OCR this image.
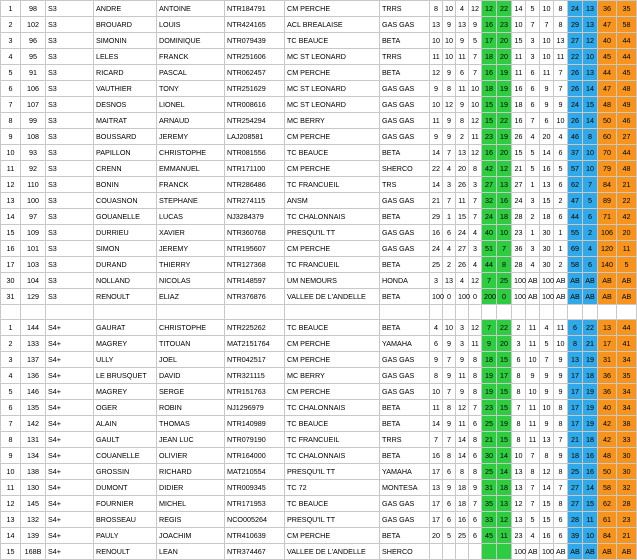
1	98	S3	ANDRE	ANTOINE	NTR184791	CM PERCHE	TRRS	8	10	4	12	12	22	14	5	10	8	24	13	36	35
2	102	S3	BROUARD	LOUIS	NTR424165	ACL BREALAISE	GAS GAS	13	9	13	9	16	23	10	7	7	8	29	13	47	58
3	96	S3	SIMONIN	DOMINIQUE	NTR079439	TC BEAUCE	BETA	10	10	9	5	17	20	15	3	10	13	27	12	40	44
4	95	S3	LELES	FRANCK	NTR251606	MC ST LEONARD	TRRS	11	10	11	7	18	20	11	3	10	11	22	10	45	44
5	91	S3	RICARD	PASCAL	NTR062457	CM PERCHE	BETA	12	9	6	7	16	19	11	6	11	7	26	13	44	45
6	106	S3	VAUTHIER	TONY	NTR251629	MC ST LEONARD	GAS GAS	9	8	11	10	18	19	16	6	9	7	26	14	47	48
7	107	S3	DESNOS	LIONEL	NTR008616	MC ST LEONARD	GAS GAS	10	12	9	10	15	19	18	6	9	9	24	15	48	49
8	99	S3	MAITRAT	ARNAUD	NTR254294	MC BERRY	GAS GAS	11	9	8	12	15	22	16	7	6	10	26	14	50	46
9	108	S3	BOUSSARD	JEREMY	LAJ208581	CM PERCHE	GAS GAS	9	9	2	11	23	19	26	4	20	4	46	8	60	27
10	93	S3	PAPILLON	CHRISTOPHE	NTR081556	TC BEAUCE	BETA	14	7	13	12	16	20	15	5	14	6	37	10	70	44
11	92	S3	CRENN	EMMANUEL	NTR171100	CM PERCHE	SHERCO	22	4	20	8	42	12	21	5	16	5	57	10	79	48
12	110	S3	BONIN	FRANCK	NTR286486	TC FRANCUEIL	TRS	14	3	26	3	27	13	27	1	13	6	62	7	84	21
13	100	S3	COUASNON	STEPHANE	NTR274115	ANSM	GAS GAS	21	7	11	7	32	16	24	3	15	2	47	5	89	22
14	97	S3	GOUANELLE	LUCAS	NJ3284379	TC CHALONNAIS	BETA	29	1	15	7	24	18	28	2	18	6	44	6	71	42
15	109	S3	DURRIEU	XAVIER	NTR360768	PRESQU'IL TT	GAS GAS	16	6	24	4	40	10	23	1	30	1	55	2	106	20
16	101	S3	SIMON	JEREMY	NTR195607	CM PERCHE	GAS GAS	24	4	27	3	51	7	36	3	30	1	69	4	120	11
17	103	S3	DURAND	THIERRY	NTR127368	TC FRANCUEIL	BETA	25	2	26	4	44	8	28	4	30	2	58	6	140	5
30	104	S3	NOLLAND	NICOLAS	NTR148597	UM NEMOURS	HONDA	3	13	4	12	7	25	100	AB	100	AB	AB	AB	AB	AB
31	129	S3	RENOULT	ELIAZ	NTR376876	VALLEE DE L'ANDELLE	BETA	100	0	100	0	200	0	100	AB	100	AB	AB	AB	AB	AB

1	144	S4+	GAURAT	CHRISTOPHE	NTR225262	TC BEAUCE	BETA	4	10	3	12	7	22	2	11	4	11	6	22	13	44
2	133	S4+	MAGREY	TITOUAN	MAT2151764	CM PERCHE	YAMAHA	6	9	3	11	9	20	3	11	5	10	8	21	17	41
3	137	S4+	ULLY	JOEL	NTR042517	CM PERCHE	GAS GAS	9	7	9	8	18	15	6	10	7	9	13	19	31	34
4	136	S4+	LE BRUSQUET	DAVID	NTR321115	MC BERRY	GAS GAS	8	9	11	8	19	17	8	9	9	9	17	18	36	35
5	146	S4+	MAGREY	SERGE	NTR151763	CM PERCHE	GAS GAS	10	7	9	8	19	15	8	10	9	9	17	19	36	34
6	135	S4+	OGER	ROBIN	NJ1296979	TC CHALONNAIS	BETA	11	8	12	7	23	15	7	11	10	8	17	19	40	34
7	142	S4+	ALAIN	THOMAS	NTR140989	TC BEAUCE	BETA	14	9	11	6	25	19	8	11	9	8	17	19	42	38
8	131	S4+	GAULT	JEAN LUC	NTR079190	TC FRANCUEIL	TRRS	7	7	14	8	21	15	8	11	13	7	21	18	42	33
9	134	S4+	COUANELLE	OLIVIER	NTR164000	TC CHALONNAIS	BETA	16	8	14	6	30	14	10	7	8	9	18	16	48	30
10	138	S4+	GROSSIN	RICHARD	MAT210554	PRESQU'IL TT	YAMAHA	17	6	8	8	25	14	13	8	12	8	25	16	50	30
11	130	S4+	DUMONT	DIDIER	NTR009345	TC 72	MONTESA	13	9	18	9	31	18	13	7	14	7	27	14	58	32
12	145	S4+	FOURNIER	MICHEL	NTR171953	TC BEAUCE	GAS GAS	17	6	18	7	35	13	12	7	15	8	27	15	62	28
13	132	S4+	BROSSEAU	REGIS	NCO005264	PRESQU'IL TT	GAS GAS	17	6	16	6	33	12	13	5	15	6	28	11	61	23
14	139	S4+	PAULY	JOACHIM	NTR410639	CM PERCHE	BETA	20	5	25	6	45	11	23	4	16	6	39	10	84	21
15	168B	S4+	RENOULT	LEAN	NTR374467	VALLEE DE L'ANDELLE	SHERCO							100	AB	100	AB	AB	AB	AB	AB
